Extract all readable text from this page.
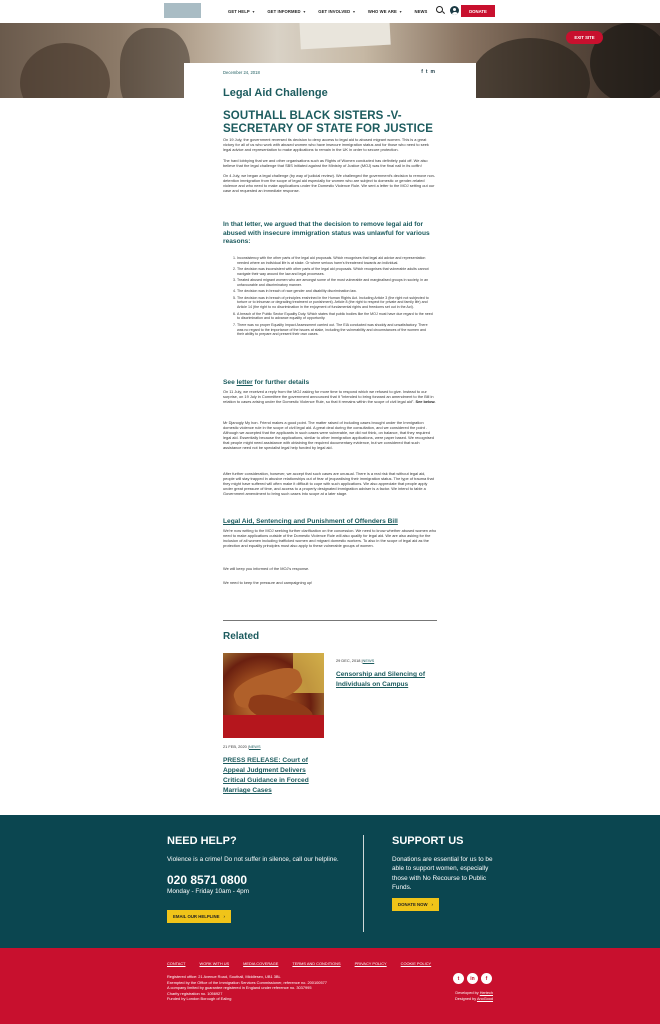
GET HELP ▼	GET INFORMED ▼	GET INVOLVED ▼	WHO WE ARE ▼	NEWS	DONATE
EXIT SITE
December 24, 2018	f t m
Legal Aid Challenge
SOUTHALL BLACK SISTERS -V- SECRETARY OF STATE FOR JUSTICE
On 19 July, the government reversed its decision to deny access to legal aid to abused migrant women. This is a great victory for all of us who work with abused women who have insecure immigration status and for those who need to seek legal advice and representation to make applications to remain in the UK in order to secure protection.
The hard lobbying that we and other organisations such as Rights of Women conducted has definitely paid off. We also believe that the legal challenge that SBS initiated against the Ministry of Justice (MOJ) was the final nail in its coffin!
On 4 July, we began a legal challenge (by way of judicial review). We challenged the government's decision to remove non-detention immigration from the scope of legal aid especially for women who are subject to domestic or gender-related violence and who need to make applications under the Domestic Violence Rule. We sent a letter to the MOJ setting out our case and requested an immediate response.
In that letter, we argued that the decision to remove legal aid for abused with insecure immigration status was unlawful for various reasons:
1. Inconsistency with the other parts of the legal aid proposals. Which recognises that legal aid advice and representation needed where an individual life is at stake. Or where serious harm's threatened towards an individual.
2. The decision was inconsistent with other parts of the legal aid proposals. Which recognises that vulnerable adults cannot navigate their way around the law and legal processes.
3. Treated abused migrant women who are amongst some of the most vulnerable and marginalised groups in society, in an unfavourable and discriminatory manner.
4. The decision was in breach of race gender and disability discrimination law.
5. The decision was in breach of principles enshrined in the Human Rights Act. Including Article 3 (the right not subjected to torture or to inhuman or degrading treatment or punishment). Article 8 (the right to respect for private and family life) and Article 14 (the right to no discrimination in the enjoyment of fundamental rights and freedoms set out in the Act).
6. A breach of the Public Sector Equality Duty. Which states that public bodies like the MOJ must have due regard to the need to discrimination and to advance equality of opportunity.
7. There was no proper Equality Impact Assessment carried out. The EIA conducted was shoddy and unsatisfactory. There was no regard to the importance of the issues at stake, including the vulnerability and circumstances of the women and their ability to prepare and present their own cases.
See letter for further details
On 11 July, we received a reply from the MOJ asking for more time to respond which we refused to give. Instead to our surprise, on 19 July in Committee the government announced that it "intended to bring forward an amendment to the Bill in relation to cases arising under the Domestic Violence Rule, so that it remains within the scope of civil legal aid". See below.
Mr Djanogly My hon. Friend makes a good point. The matter raised of including cases brought under the Immigration domestic violence rule in the scope of civil legal aid. A great deal during the consultation, and we considered the point . Although we accepted that the applicants in such cases were vulnerable, we did not think, on balance, that they required legal aid. Essentially because the applications, similar to other immigration applications, were paper based. We recognised that people might need assistance with obtaining the required documentary evidence, but we considered that such assistance need not be specialist legal help funded by legal aid.
After further consideration, however, we accept that such cases are unusual. There is a real risk that without legal aid, people will stay trapped in abusive relationships out of fear of jeopardising their immigration status. The type of trauma that they might have suffered will often make it difficult to cope with such applications. We also appreciate that people apply under great pressure of time, and access to a properly designated immigration adviser is a factor. We intend to table a Government amendment to bring such cases into scope at a later stage.
Legal Aid, Sentencing and Punishment of Offenders Bill
We're now writing to the MOJ seeking further clarification on the concession. We need to know whether abused women who need to make applications outside of the Domestic Violence Rule will also qualify for legal aid. We are also asking for the inclusion of all women including trafficked women and migrant domestic workers. To also in the scope of legal aid as the protection and equality principles must also apply to these vulnerable groups of women.
We will keep you informed of the MOJ's response.
We need to keep the pressure and campaigning up!
Related
21 FEB, 2020 |NEWS
PRESS RELEASE: Court of Appeal Judgment Delivers Critical Guidance in Forced Marriage Cases
29 DEC, 2018 |NEWS
Censorship and Silencing of Individuals on Campus
NEED HELP?
Violence is a crime! Do not suffer in silence, call our helpline.
020 8571 0800
Monday - Friday 10am - 4pm
EMAIL OUR HELPLINE ›
SUPPORT US
Donations are essential for us to be able to support women, especially those with No Recourse to Public Funds.
DONATE NOW ›
CONTACT	WORK WITH US	MEDIA COVERAGE	TERMS AND CONDITIONS	PRIVACY POLICY	COOKIE POLICY
Registered office: 21 Avenue Road, Southall, Middlesex, UB1 3BL
Exempted by the Office of the Immigration Services Commissioner, reference no. 200100577
A company limited by guarantee registered in England under reference no. 3037995
Charity registration no. 1056927
Funded by London Borough of Ealing
t	in	f
Developed by Hertech
Designed by AnoGood
